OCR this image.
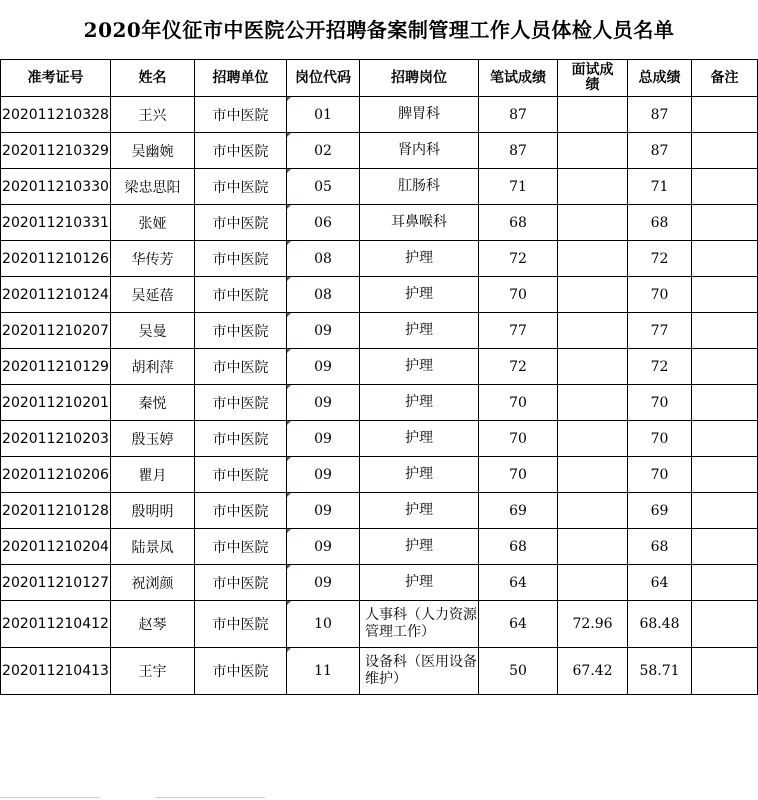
2020年仪征市中医院公开招聘备案制管理工作人员体检人员名单
准考证号	姓名	招聘单位	岗位代码	招聘岗位	笔试成绩	面试成绩	总成绩	备注
202011210328	王兴	市中医院	01	脾胃科	87		87	
202011210329	吴幽婉	市中医院	02	肾内科	87		87	
202011210330	梁忠思阳	市中医院	05	肛肠科	71		71	
202011210331	张娅	市中医院	06	耳鼻喉科	68		68	
202011210126	华传芳	市中医院	08	护理	72		72	
202011210124	吴延蓓	市中医院	08	护理	70		70	
202011210207	吴曼	市中医院	09	护理	77		77	
202011210129	胡利萍	市中医院	09	护理	72		72	
202011210201	秦悦	市中医院	09	护理	70		70	
202011210203	殷玉婷	市中医院	09	护理	70		70	
202011210206	瞿月	市中医院	09	护理	70		70	
202011210128	殷明明	市中医院	09	护理	69		69	
202011210204	陆景凤	市中医院	09	护理	68		68	
202011210127	祝浏颜	市中医院	09	护理	64		64	
202011210412	赵琴	市中医院	10	人事科（人力资源管理工作）	64	72.96	68.48	
202011210413	王宇	市中医院	11	设备科（医用设备维护）	50	67.42	58.71	
